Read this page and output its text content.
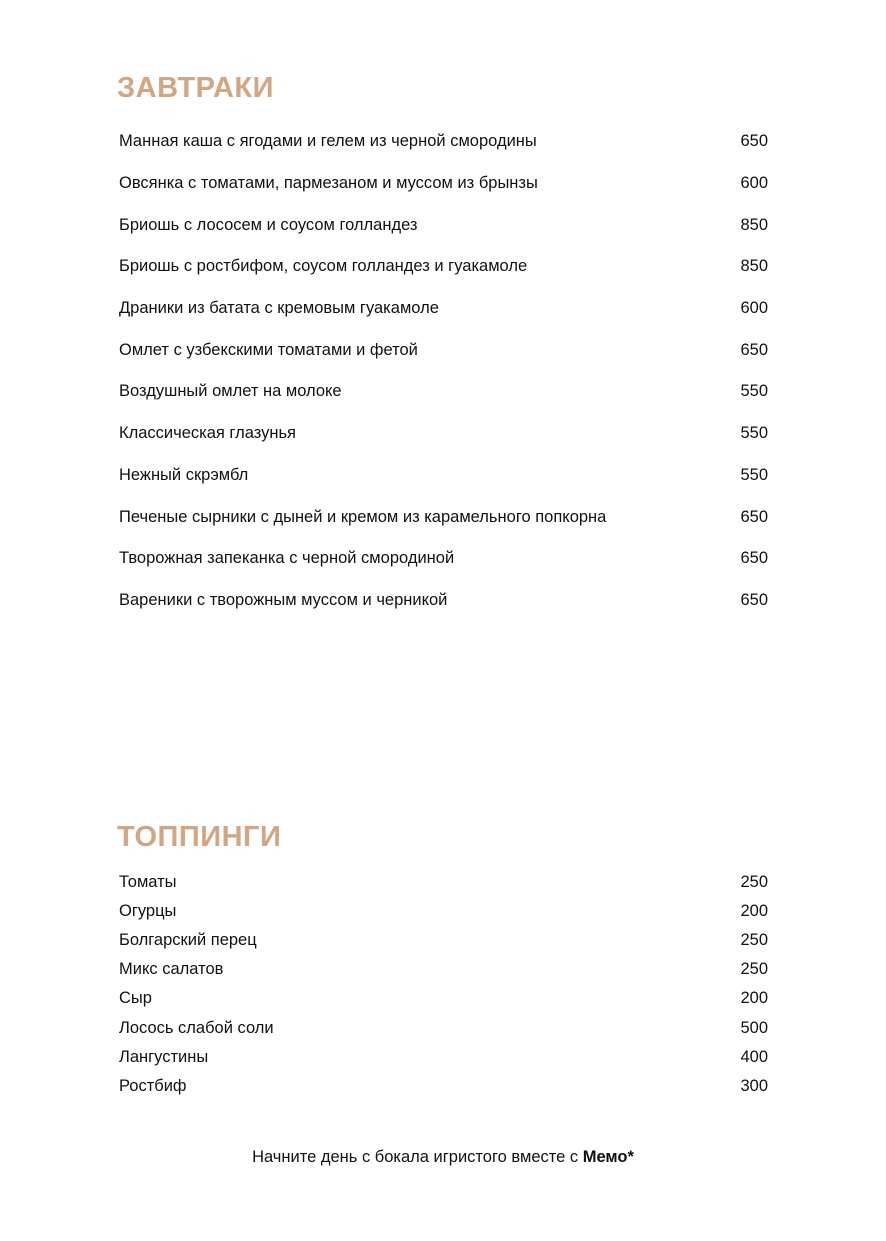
ЗАВТРАКИ
Манная каша с ягодами и гелем из черной смородины	650
Овсянка с томатами, пармезаном и муссом из брынзы	600
Бриошь с лососем и соусом голландез	850
Бриошь с ростбифом, соусом голландез и гуакамоле	850
Драники из батата с кремовым гуакамоле	600
Омлет с узбекскими томатами и фетой	650
Воздушный омлет на молоке	550
Классическая глазунья	550
Нежный скрэмбл	550
Печеные сырники с дыней и кремом из карамельного попкорна	650
Творожная запеканка с черной смородиной	650
Вареники с творожным муссом и черникой	650
ТОППИНГИ
Томаты	250
Огурцы	200
Болгарский перец	250
Микс салатов	250
Сыр	200
Лосось слабой соли	500
Лангустины	400
Ростбиф	300

Начните день с бокала игристого вместе с Мемо*
